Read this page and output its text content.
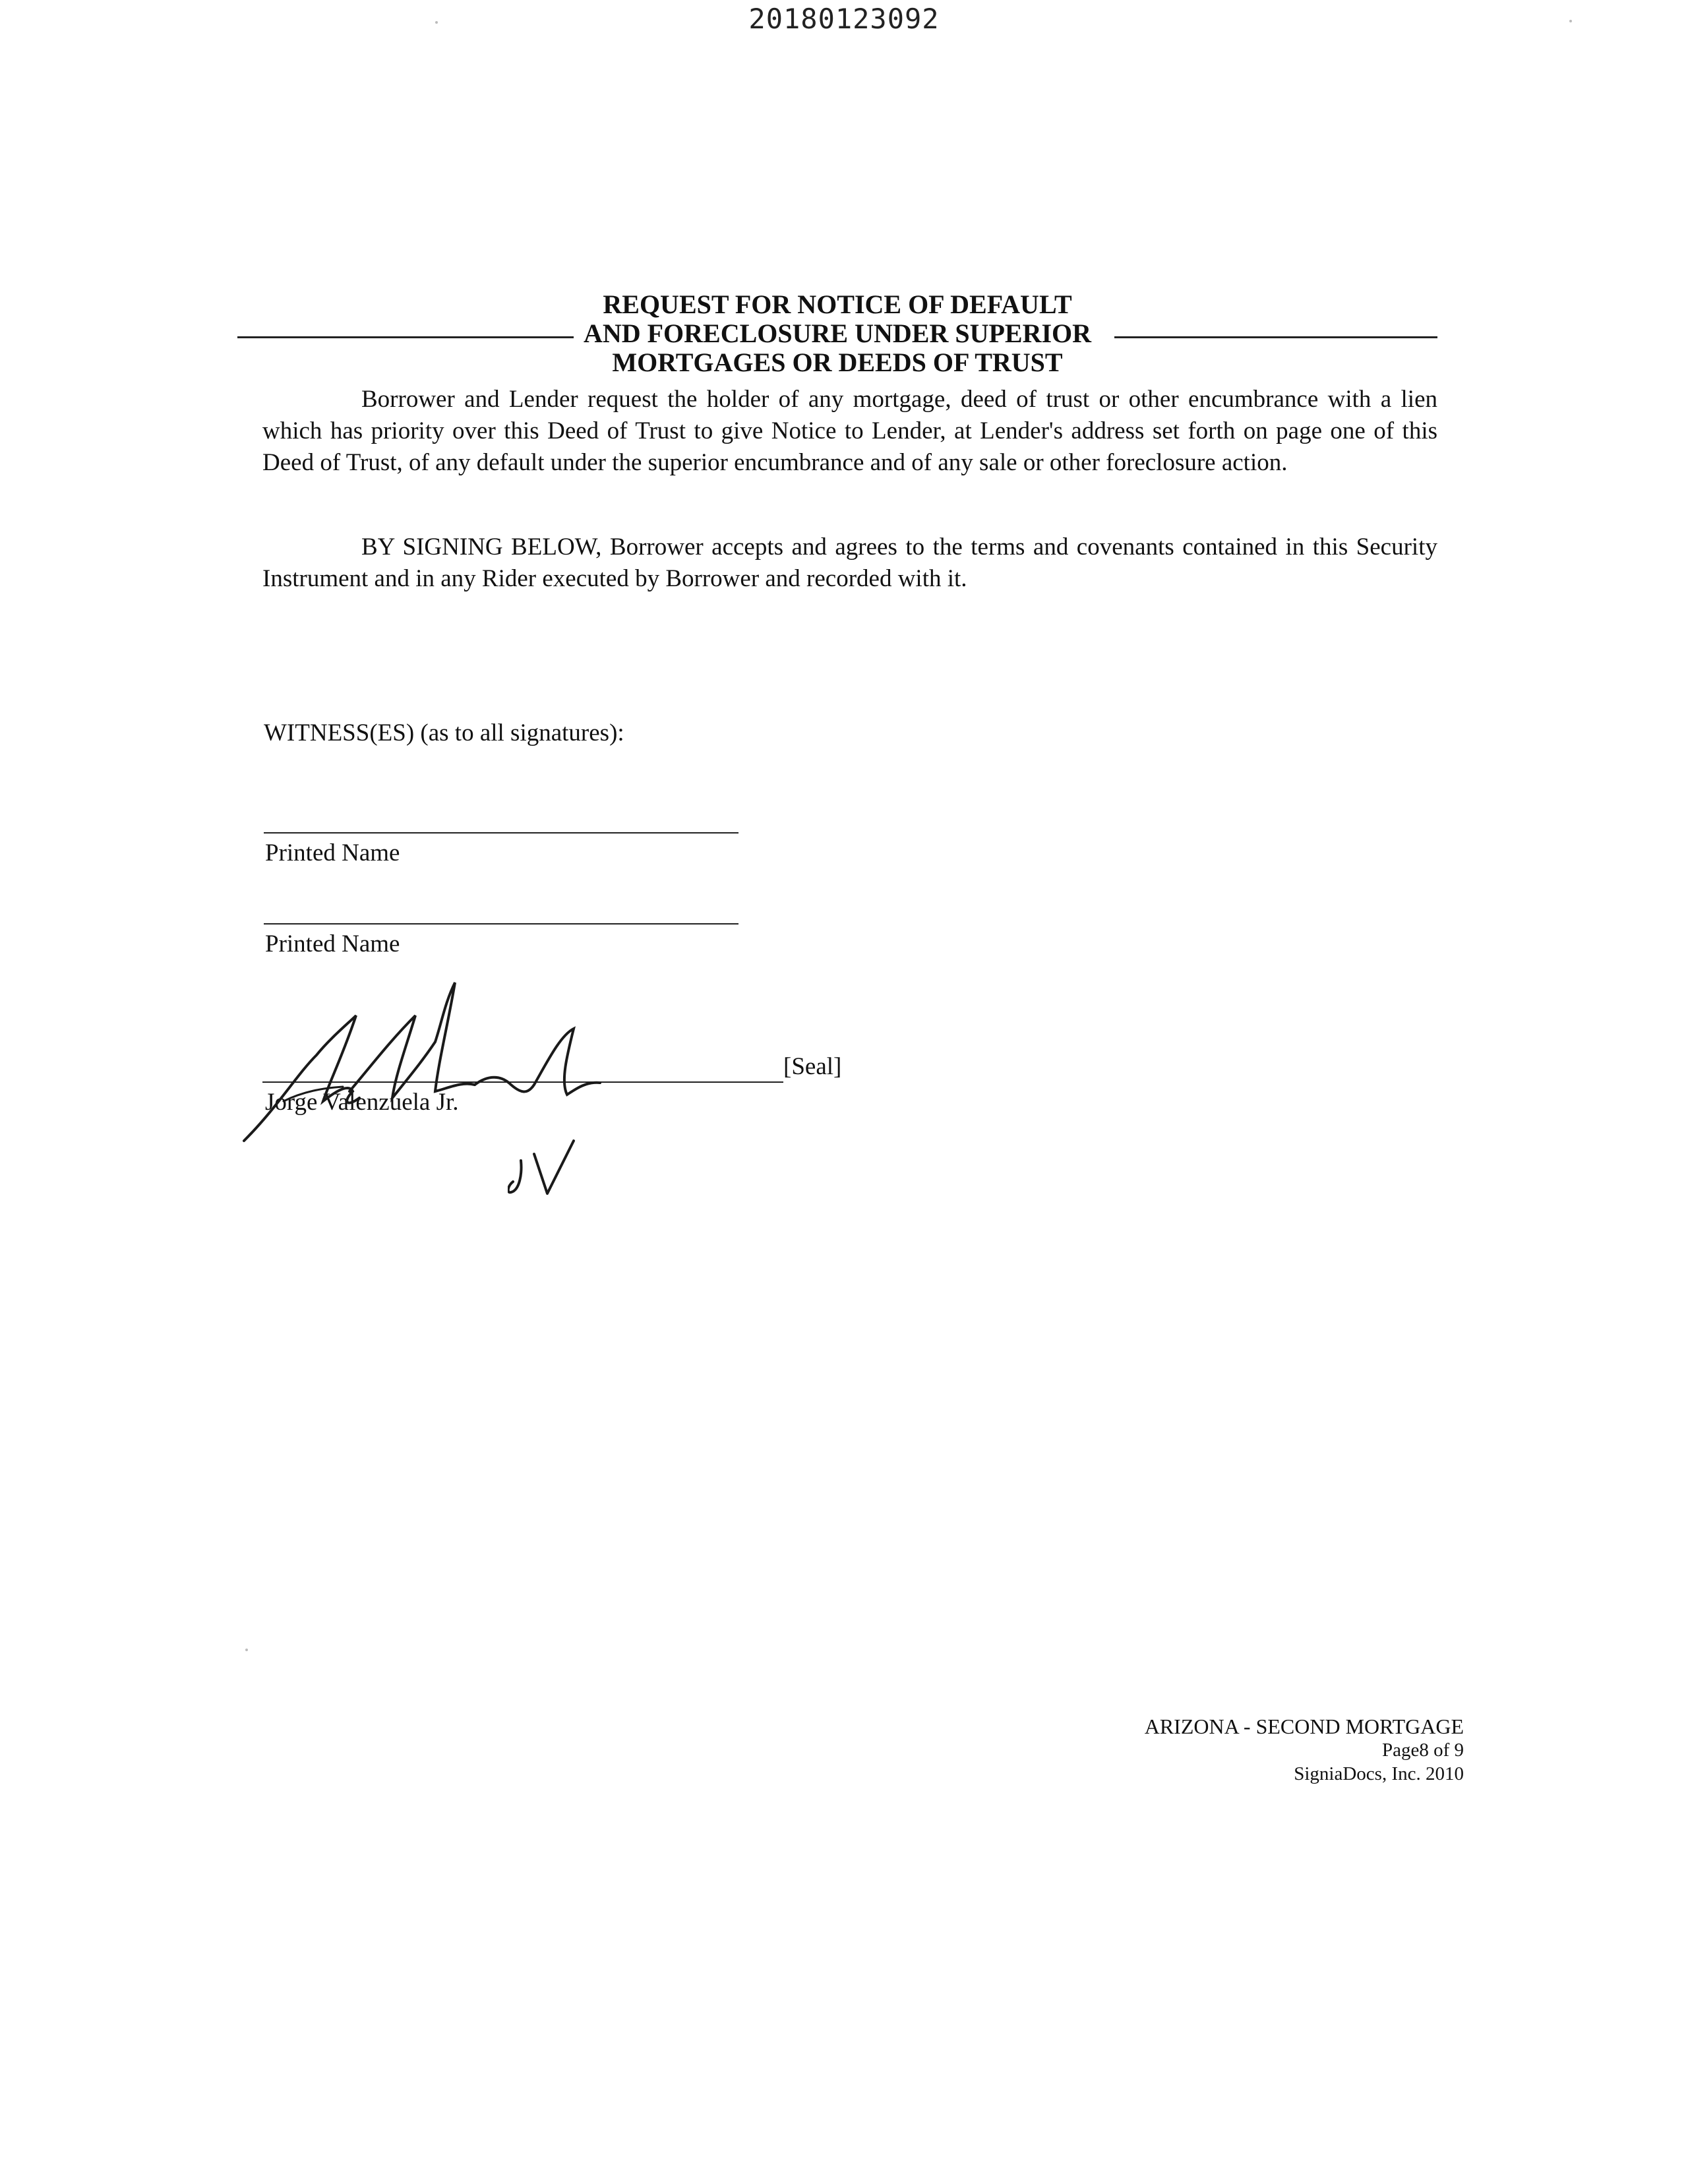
20180123092
REQUEST FOR NOTICE OF DEFAULT
AND FORECLOSURE UNDER SUPERIOR
MORTGAGES OR DEEDS OF TRUST
Borrower and Lender request the holder of any mortgage, deed of trust or other encumbrance with a lien which has priority over this Deed of Trust to give Notice to Lender, at Lender's address set forth on page one of this Deed of Trust, of any default under the superior encumbrance and of any sale or other foreclosure action.
BY SIGNING BELOW, Borrower accepts and agrees to the terms and covenants contained in this Security Instrument and in any Rider executed by Borrower and recorded with it.
WITNESS(ES) (as to all signatures):
Printed Name
Printed Name
[Seal]
Jorge Valenzuela Jr.
ARIZONA - SECOND MORTGAGE
Page8 of 9
SigniaDocs, Inc. 2010
